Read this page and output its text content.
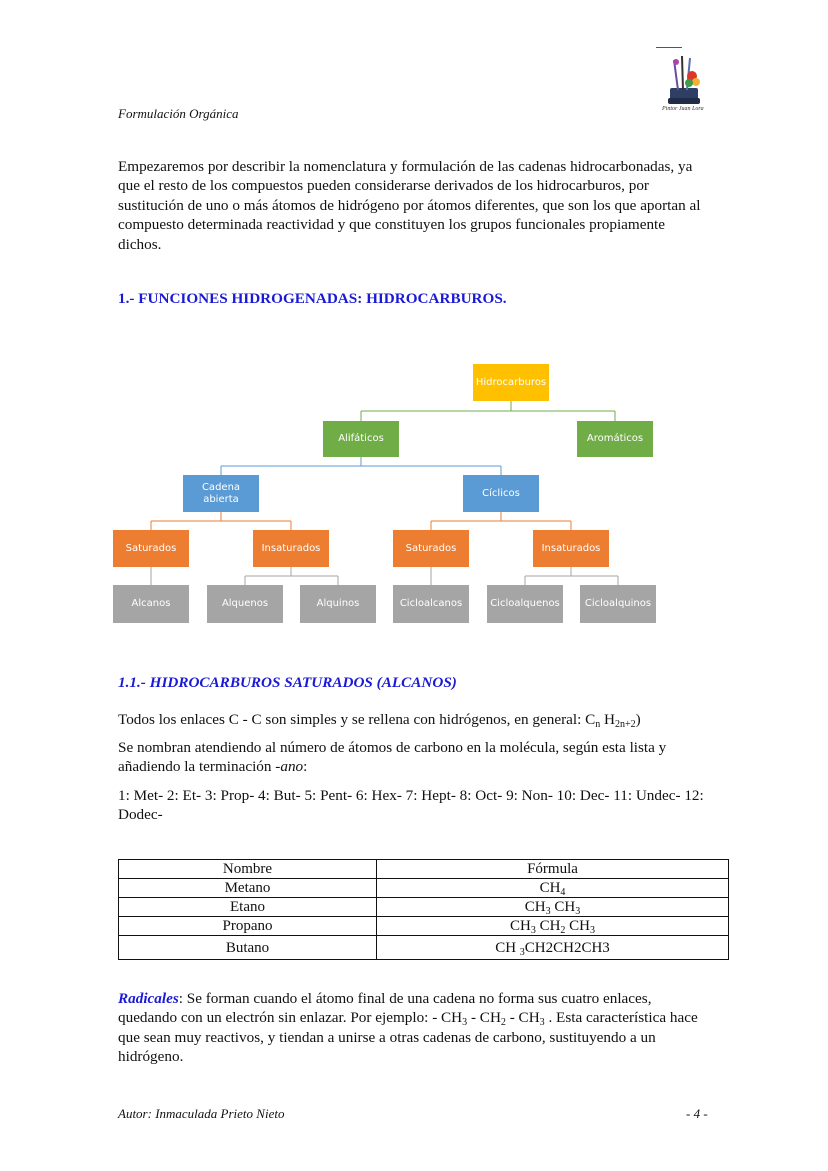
Formulación Orgánica	Pintor Juan Lora
Empezaremos por describir la nomenclatura y formulación de las cadenas hidrocarbonadas, ya que el resto de los compuestos pueden considerarse derivados de los hidrocarburos, por sustitución de uno o más átomos de hidrógeno por átomos diferentes, que son los que aportan al compuesto determinada reactividad y que constituyen los grupos funcionales propiamente dichos.
1.- FUNCIONES HIDROGENADAS: HIDROCARBUROS.
Hidrocarburos
Alifáticos	Aromáticos
Cadena abierta
Cíclicos
Saturados	Insaturados	Saturados	Insaturados
Alcanos	Alquenos	Alquinos	Cicloalcanos	Cicloalquenos	Cicloalquinos
1.1.- HIDROCARBUROS SATURADOS (ALCANOS)
Todos los enlaces C - C son simples y se rellena con hidrógenos, en general: $C_n$ $H_{2n+2}$)
Se nombran atendiendo al número de átomos de carbono en la molécula, según esta lista y añadiendo la terminación -ano:
1: Met- 2: Et- 3: Prop- 4: But- 5: Pent- 6: Hex- 7: Hept- 8: Oct- 9: Non- 10: Dec- 11: Undec- 12: Dodec-
Nombre	Fórmula
Metano	$CH_4$
Etano	$CH_3$ $CH_3$
Propano	$CH_3$ $CH_2$ $CH_3$
Butano	CH $_3$CH2CH2CH3
Radicales: Se forman cuando el átomo final de una cadena no forma sus cuatro enlaces, quedando con un electrón sin enlazar. Por ejemplo: - $CH_3 - CH_2 - CH_3$ . Esta característica hace que sean muy reactivos, y tiendan a unirse a otras cadenas de carbono, sustituyendo a un hidrógeno.
Autor: Inmaculada Prieto Nieto	- 4 -
